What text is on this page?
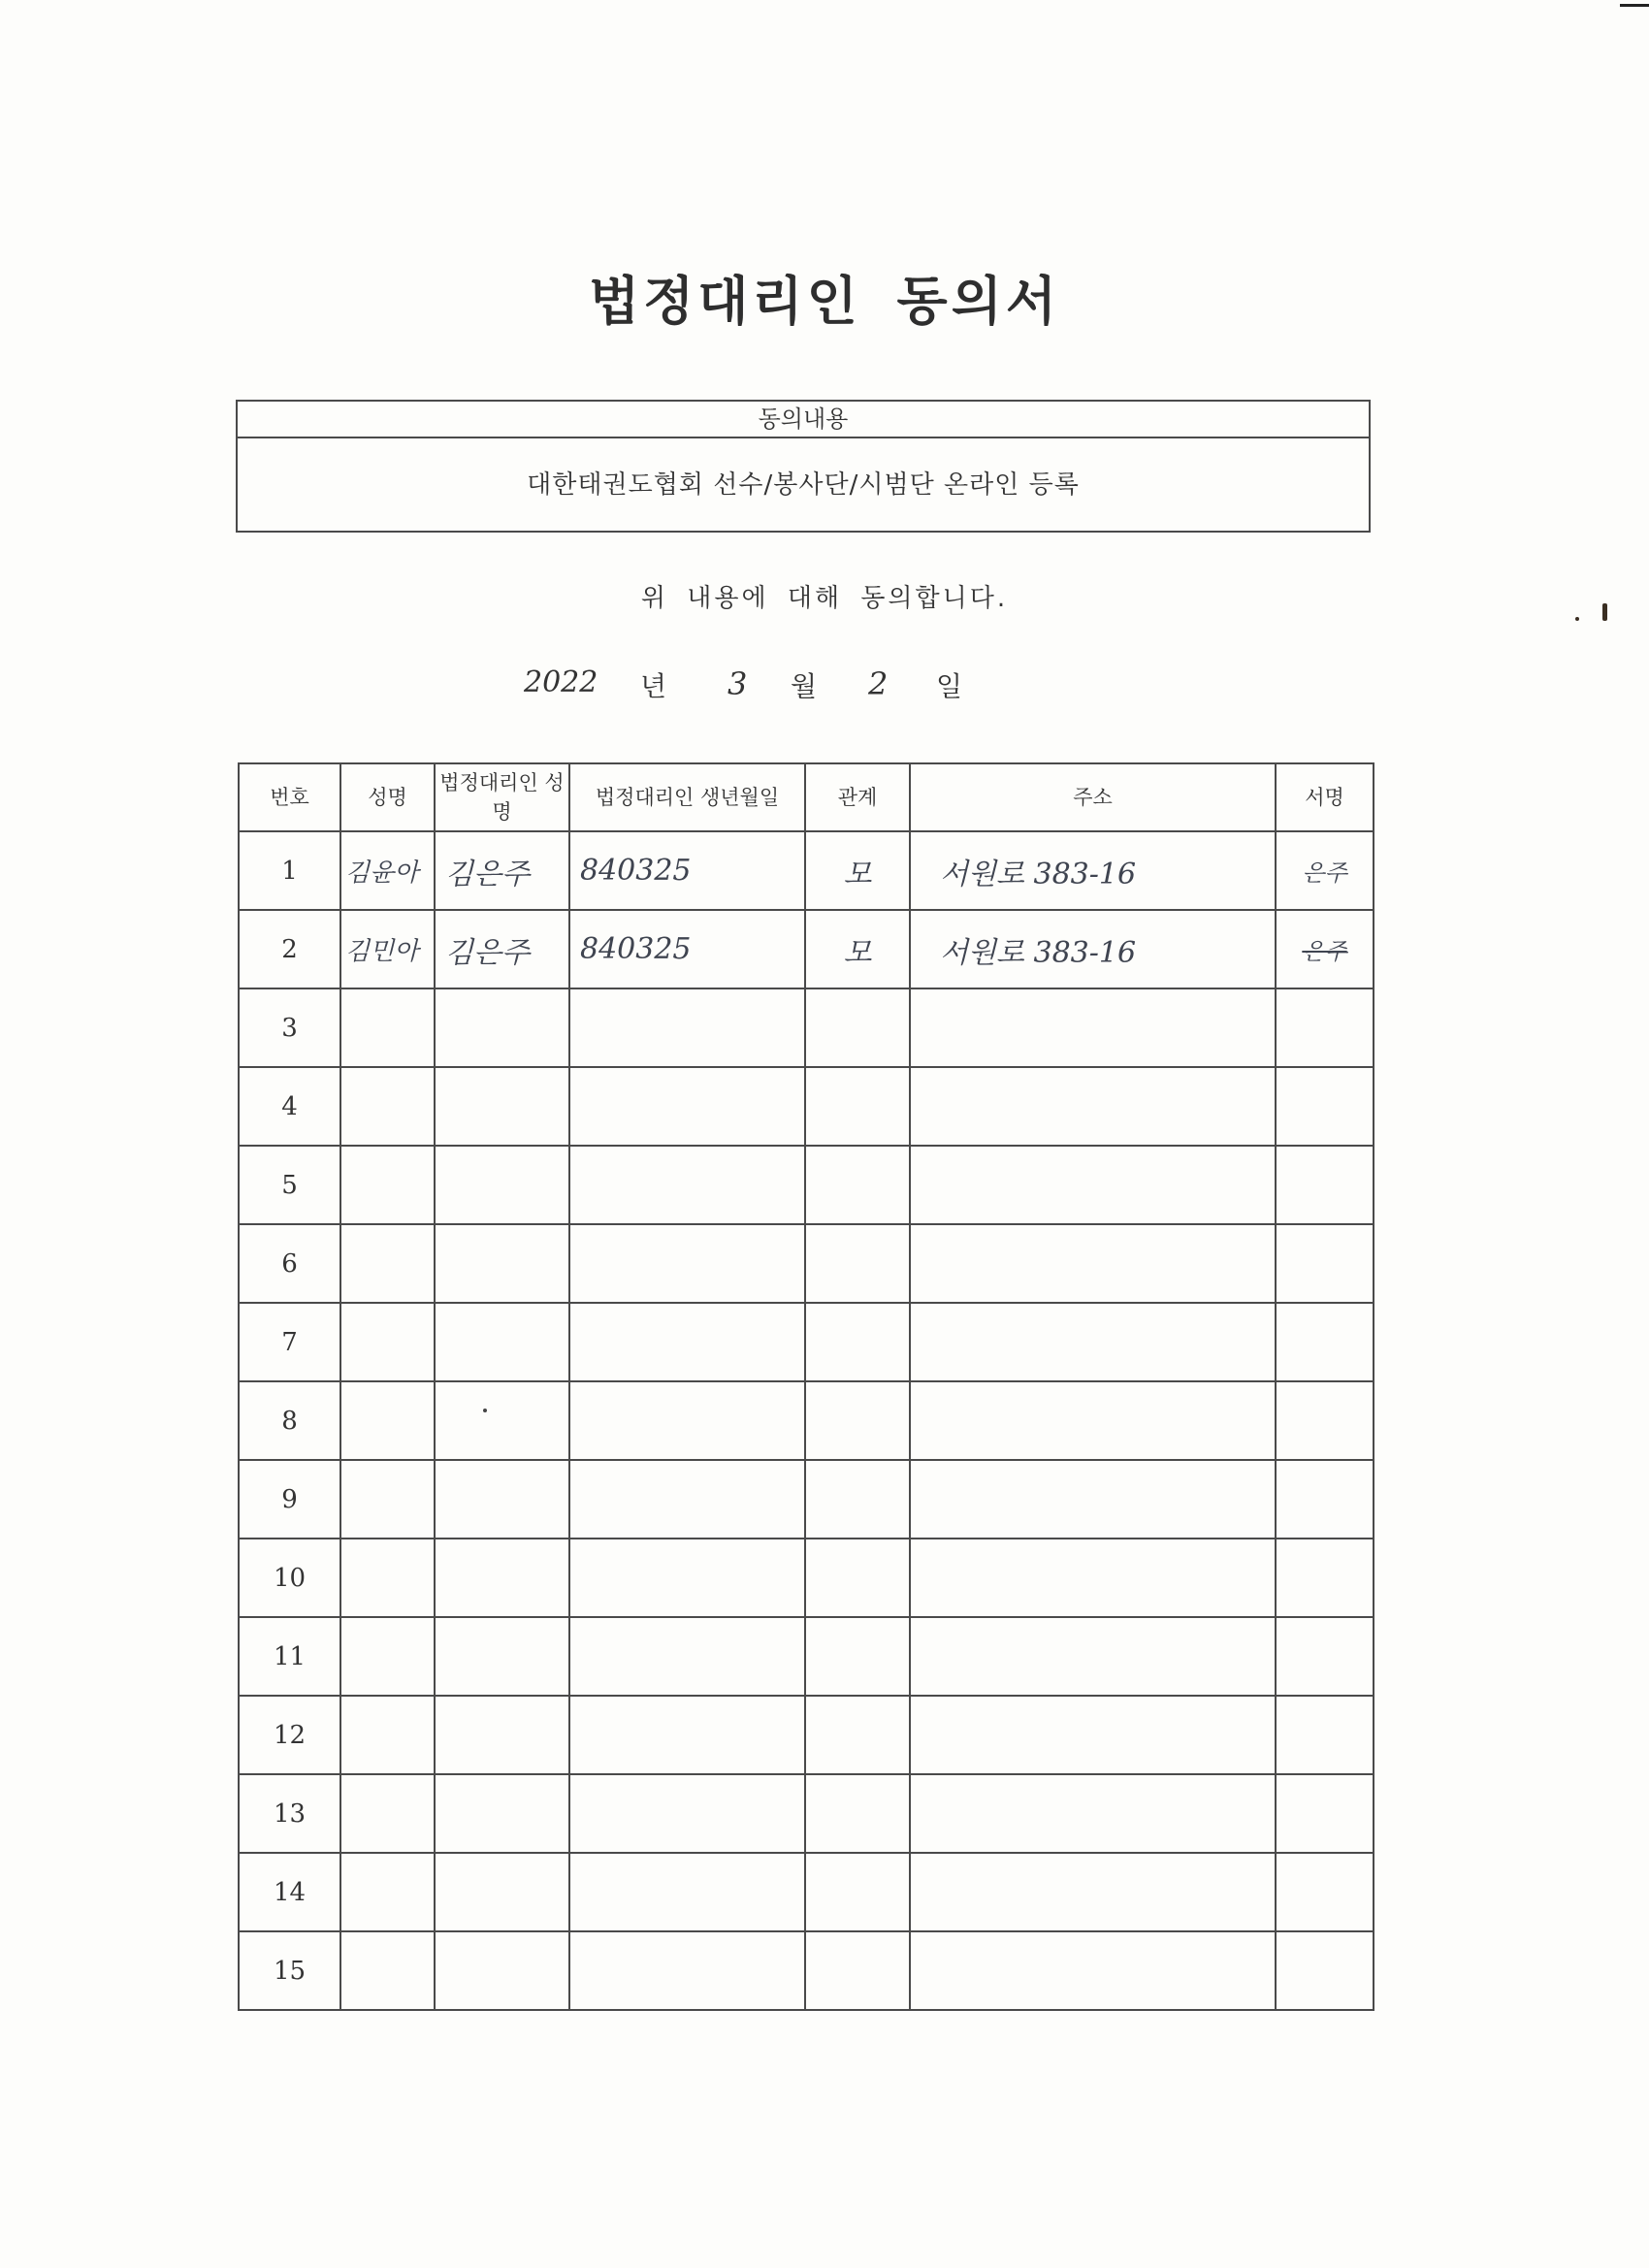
법정대리인 동의서
동의내용
대한태권도협회 선수/봉사단/시범단 온라인 등록
위 내용에 대해 동의합니다.
2022 년 3 월 2 일
번호	성명	법정대리인 성명	법정대리인 생년월일	관계	주소	서명
1	김윤아	김은주	840325	모	서원로 383-16	은주
2	김민아	김은주	840325	모	서원로 383-16	은주
3						
4						
5						
6						
7						
8						
9						
10						
11						
12						
13						
14						
15						
